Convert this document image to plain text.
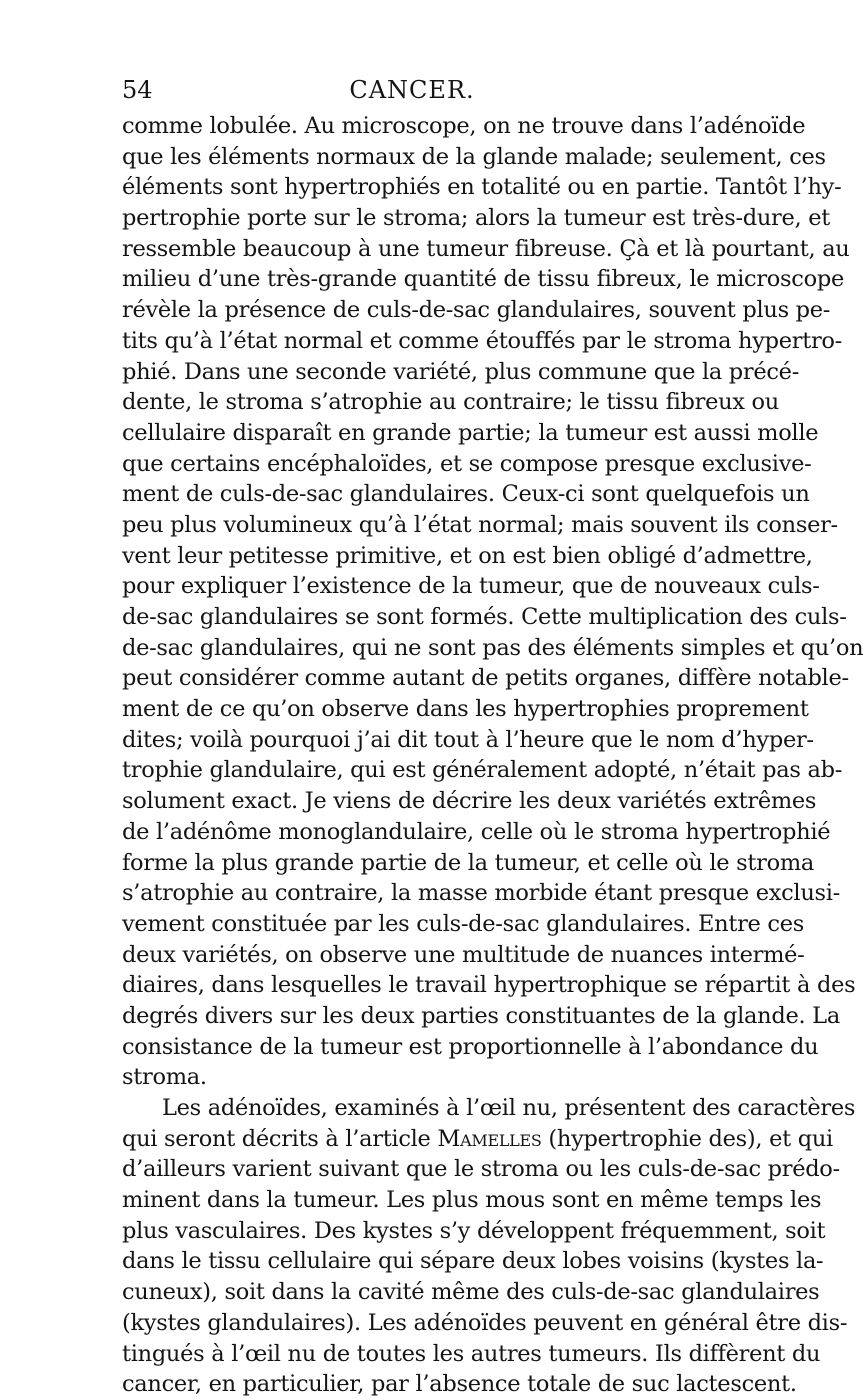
54	CANCER.
comme lobulée. Au microscope, on ne trouve dans l’adénoïde
que les éléments normaux de la glande malade; seulement, ces
éléments sont hypertrophiés en totalité ou en partie. Tantôt l’hy-
pertrophie porte sur le stroma; alors la tumeur est très-dure, et
ressemble beaucoup à une tumeur fibreuse. Çà et là pourtant, au
milieu d’une très-grande quantité de tissu fibreux, le microscope
révèle la présence de culs-de-sac glandulaires, souvent plus pe-
tits qu’à l’état normal et comme étouffés par le stroma hypertro-
phié. Dans une seconde variété, plus commune que la précé-
dente, le stroma s’atrophie au contraire; le tissu fibreux ou
cellulaire disparaît en grande partie; la tumeur est aussi molle
que certains encéphaloïdes, et se compose presque exclusive-
ment de culs-de-sac glandulaires. Ceux-ci sont quelquefois un
peu plus volumineux qu’à l’état normal; mais souvent ils conser-
vent leur petitesse primitive, et on est bien obligé d’admettre,
pour expliquer l’existence de la tumeur, que de nouveaux culs-
de-sac glandulaires se sont formés. Cette multiplication des culs-
de-sac glandulaires, qui ne sont pas des éléments simples et qu’on
peut considérer comme autant de petits organes, diffère notable-
ment de ce qu’on observe dans les hypertrophies proprement
dites; voilà pourquoi j’ai dit tout à l’heure que le nom d’hyper-
trophie glandulaire, qui est généralement adopté, n’était pas ab-
solument exact. Je viens de décrire les deux variétés extrêmes
de l’adénôme monoglandulaire, celle où le stroma hypertrophié
forme la plus grande partie de la tumeur, et celle où le stroma
s’atrophie au contraire, la masse morbide étant presque exclusi-
vement constituée par les culs-de-sac glandulaires. Entre ces
deux variétés, on observe une multitude de nuances intermé-
diaires, dans lesquelles le travail hypertrophique se répartit à des
degrés divers sur les deux parties constituantes de la glande. La
consistance de la tumeur est proportionnelle à l’abondance du
stroma.
Les adénoïdes, examinés à l’œil nu, présentent des caractères
qui seront décrits à l’article Mamelles (hypertrophie des), et qui
d’ailleurs varient suivant que le stroma ou les culs-de-sac prédo-
minent dans la tumeur. Les plus mous sont en même temps les
plus vasculaires. Des kystes s’y développent fréquemment, soit
dans le tissu cellulaire qui sépare deux lobes voisins (kystes la-
cuneux), soit dans la cavité même des culs-de-sac glandulaires
(kystes glandulaires). Les adénoïdes peuvent en général être dis-
tingués à l’œil nu de toutes les autres tumeurs. Ils diffèrent du
cancer, en particulier, par l’absence totale de suc lactescent.
